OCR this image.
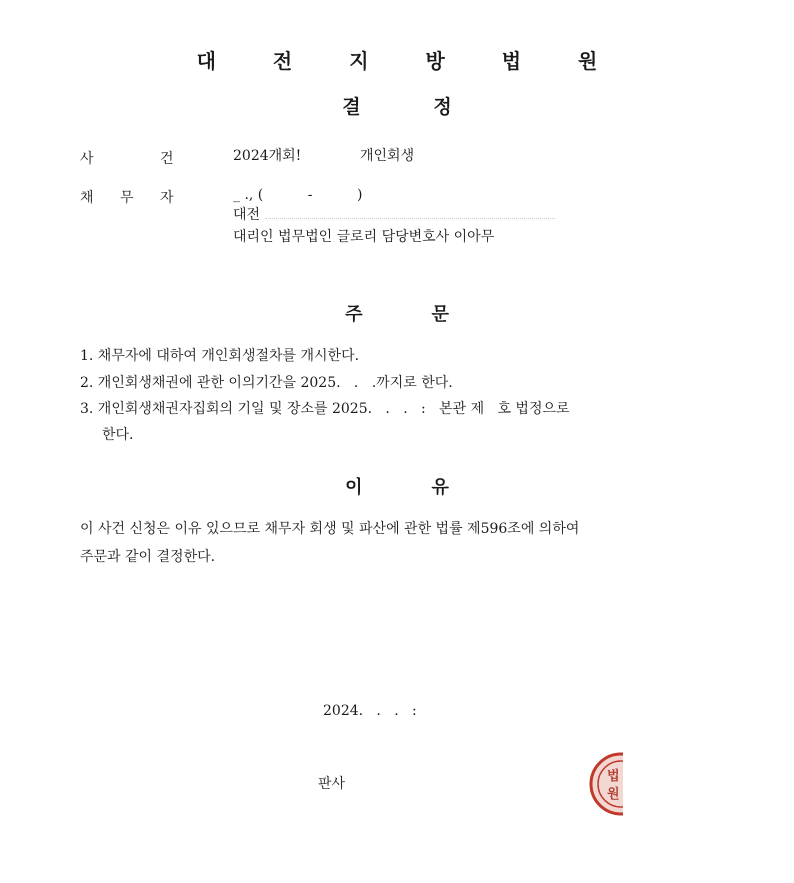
대 전 지 방 법 원
결           정
사	건	2024개회!	개인회생
채 무 자	_ ., (          -          )
대전
대리인 법무법인 글로리 담당변호사 이아무
주           문
1. 채무자에 대하여 개인회생절차를 개시한다.
2. 개인회생채권에 관한 이의기간을 2025.   .   .까지로 한다.
3. 개인회생채권자집회의 기일 및 장소를 2025.   .   .   :   본관 제   호 법정으로
한다.
이           유
이 사건 신청은 이유 있으므로 채무자 회생 및 파산에 관한 법률 제596조에 의하여
주문과 같이 결정한다.
2024.   .   .   :
판사	법
원
